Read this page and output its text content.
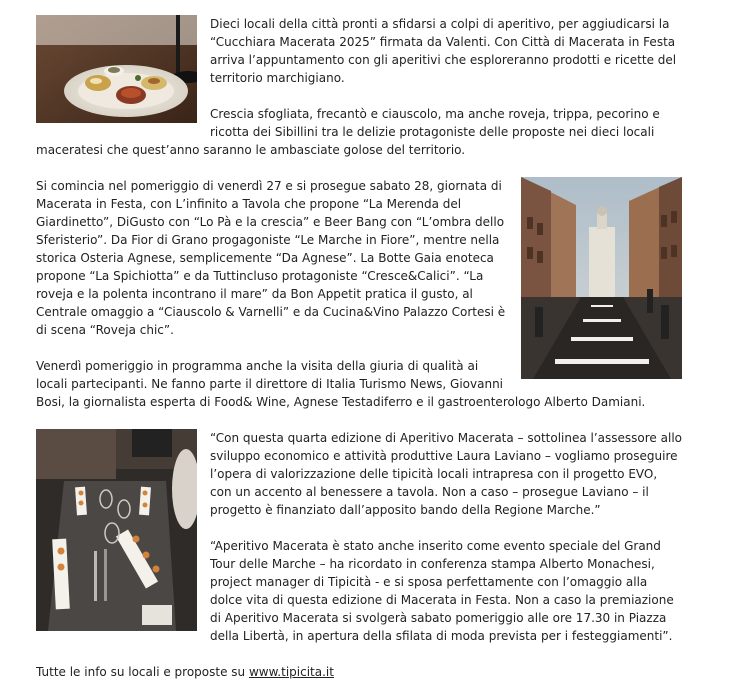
Dieci locali della città pronti a sfidarsi a colpi di aperitivo, per aggiudicarsi la “Cucchiara Macerata 2025” firmata da Valenti. Con Città di Macerata in Festa arriva l’appuntamento con gli aperitivi che esploreranno prodotti e ricette del territorio marchigiano.

Crescia sfogliata, frecantò e ciauscolo, ma anche roveja, trippa, pecorino e ricotta dei Sibillini tra le delizie protagoniste delle proposte nei dieci locali maceratesi che quest’anno saranno le ambasciate golose del territorio.

Si comincia nel pomeriggio di venerdì 27 e si prosegue sabato 28, giornata di Macerata in Festa, con L’infinito a Tavola che propone “La Merenda del Giardinetto”, DiGusto con “Lo Pà e la crescia” e Beer Bang con “L’ombra dello Sferisterio”. Da Fior di Grano progagoniste “Le Marche in Fiore”, mentre nella storica Osteria Agnese, semplicemente “Da Agnese”. La Botte Gaia enoteca propone “La Spichiotta” e da Tuttincluso protagoniste “Cresce&Calici”. “La roveja e la polenta incontrano il mare” da Bon Appetit pratica il gusto, al Centrale omaggio a “Ciauscolo & Varnelli” e da Cucina&Vino Palazzo Cortesi è di scena “Roveja chic”.

Venerdì pomeriggio in programma anche la visita della giuria di qualità ai locali partecipanti. Ne fanno parte il direttore di Italia Turismo News, Giovanni Bosi, la giornalista esperta di Food& Wine, Agnese Testadiferro e il gastroenterologo Alberto Damiani.

“Con questa quarta edizione di Aperitivo Macerata – sottolinea l’assessore allo sviluppo economico e attività produttive Laura Laviano – vogliamo proseguire l’opera di valorizzazione delle tipicità locali intrapresa con il progetto EVO, con un accento al benessere a tavola. Non a caso – prosegue Laviano – il progetto è finanziato dall’apposito bando della Regione Marche.”

“Aperitivo Macerata è stato anche inserito come evento speciale del Grand Tour delle Marche – ha ricordato in conferenza stampa Alberto Monachesi, project manager di Tipicità - e si sposa perfettamente con l’omaggio alla dolce vita di questa edizione di Macerata in Festa. Non a caso la premiazione di Aperitivo Macerata si svolgerà sabato pomeriggio alle ore 17.30 in Piazza della Libertà, in apertura della sfilata di moda prevista per i festeggiamenti”.

Tutte le info su locali e proposte su www.tipicita.it
